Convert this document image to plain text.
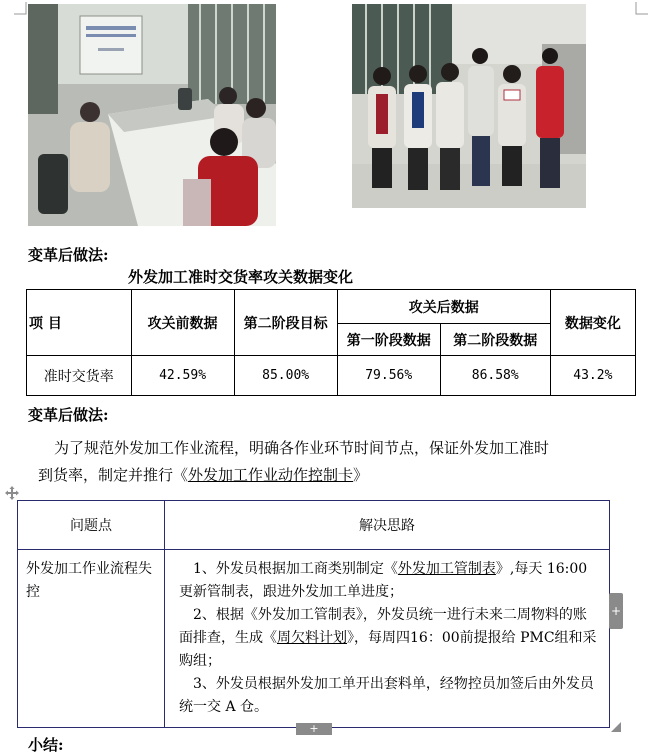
变革后做法:
外发加工准时交货率攻关数据变化
项 目	攻关前数据	第二阶段目标	攻关后数据		数据变化
			第一阶段数据	第二阶段数据	
准时交货率	42.59%	85.00%	79.56%	86.58%	43.2%
变革后做法:
为了规范外发加工作业流程，明确各作业环节时间节点，保证外发加工准时
到货率，制定并推行《外发加工作业动作控制卡》
问题点	解决思路
外发加工作业流程失控	1、外发员根据加工商类别制定《外发加工管制表》,每天 16:00 更新管制表，跟进外发加工单进度；

2、根据《外发加工管制表》，外发员统一进行未来二周物料的账面排查，生成《周欠料计划》，每周四16：00前提报给 PMC组和采购组；

3、外发员根据外发加工单开出套料单，经物控员加签后由外发员统一交 A 仓。

+
+
小结:
